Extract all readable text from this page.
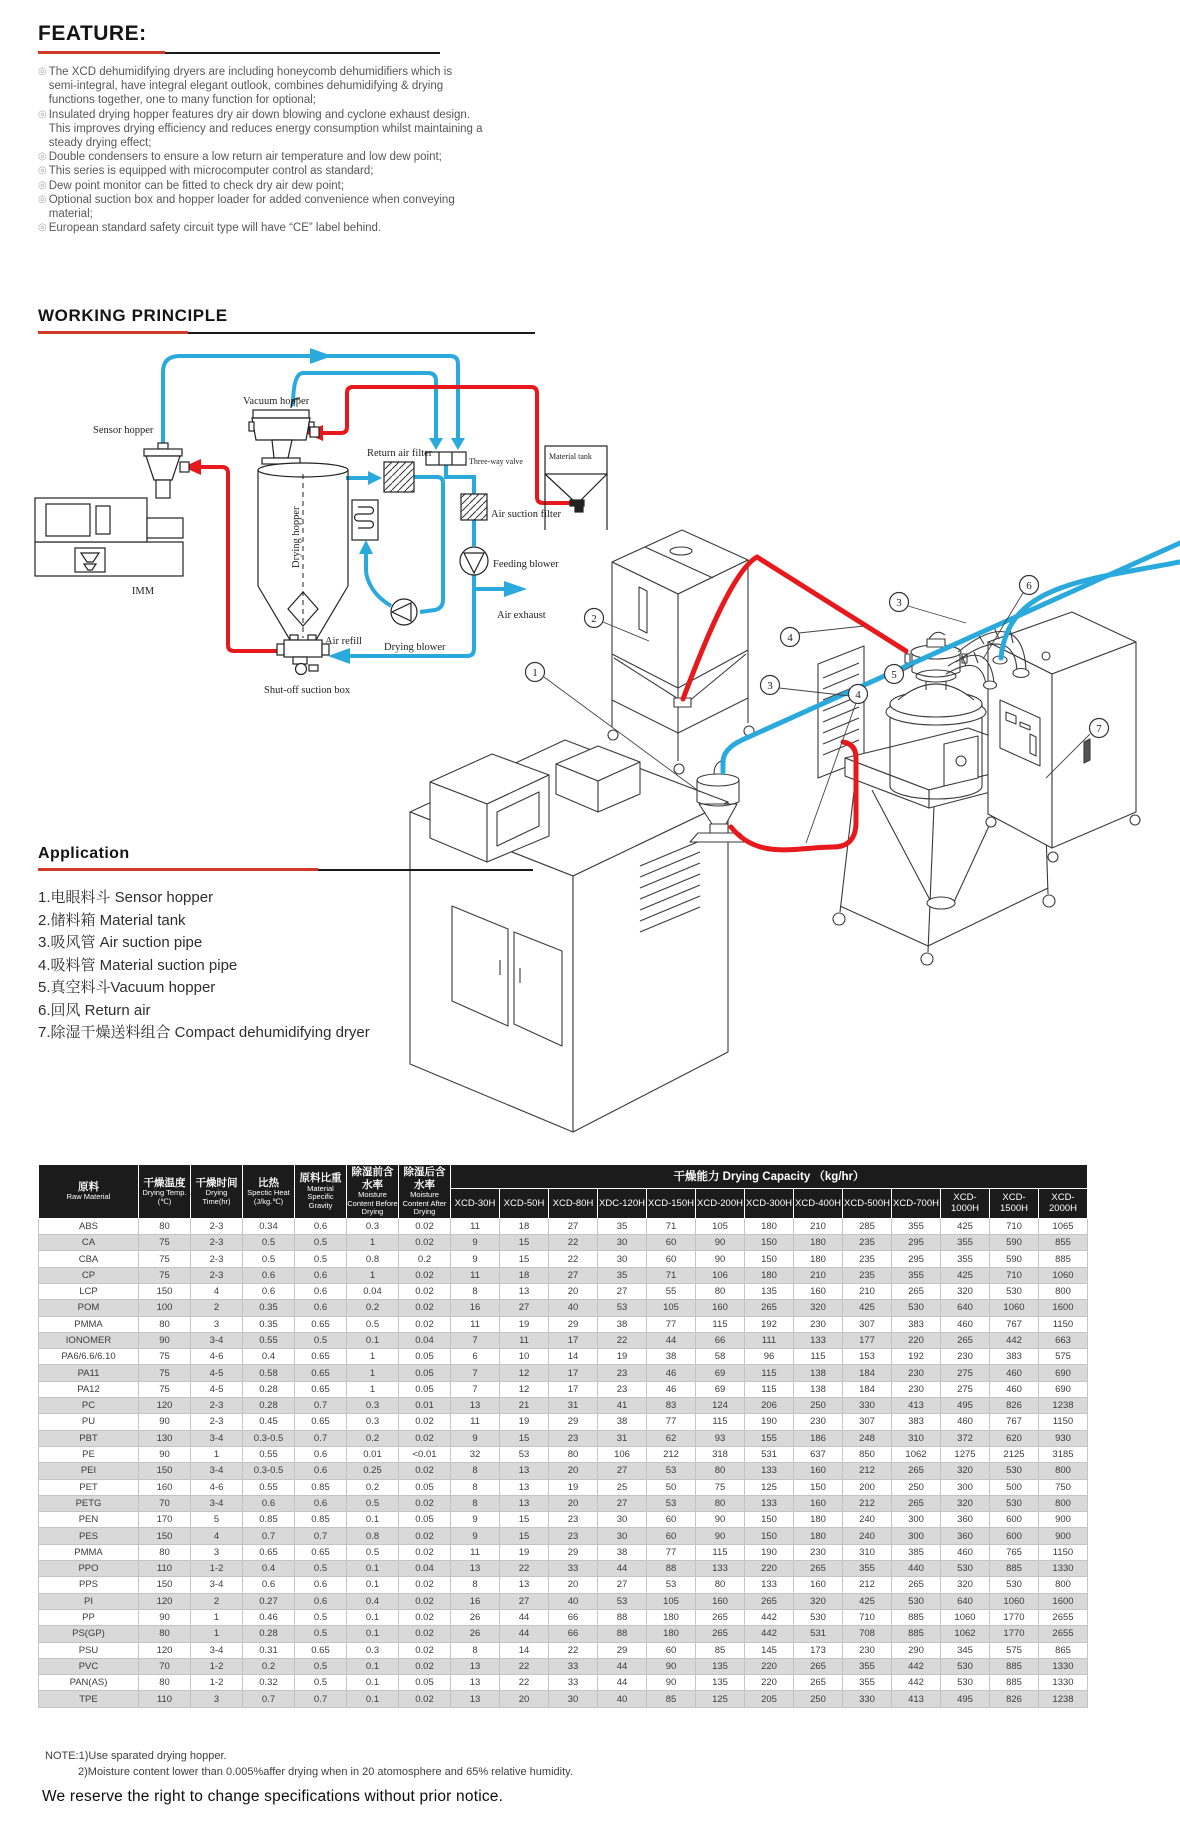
FEATURE:
◎ The XCD dehumidifying dryers are including honeycomb dehumidifiers which is semi-integral, have integral elegant outlook, combines dehumidifying & drying functions together, one to many function for optional;
◎ Insulated drying hopper features dry air down blowing and cyclone exhaust design. This improves drying efficiency and reduces energy consumption whilst maintaining a steady drying effect;
◎ Double condensers to ensure a low return air temperature and low dew point;
◎ This series is equipped with microcomputer control as standard;
◎ Dew point monitor can be fitted to check dry air dew point;
◎ Optional suction box and hopper loader for added convenience when conveying material;
◎ European standard safety circuit type will have “CE” label behind.
WORKING PRINCIPLE
Sensor hopper
Vacuum hopper
Drying hopper
IMM
Return air filter
Three-way valve
Material tank
Air suction filter
Feeding blower
Air exhaust
Drying blower
Air refill
Shut-off suction box
1
2
3
4
3
4
5
6
7
Application
1.电眼料斗 Sensor hopper
2.储料箱 Material tank
3.吸风管 Air suction pipe
4.吸料管 Material suction pipe
5.真空料斗Vacuum hopper
6.回风 Return air
7.除湿干燥送料组合 Compact dehumidifying dryer
原料
Raw Material	干燥温度
Drying Temp.(℃)	干燥时间
Drying Time(hr)	比热
Spectic Heat (J/kg.℃)	原料比重
Material Specific Gravity	除湿前含水率
Moisture Content Before Drying	除湿后含水率
Moisture Content After Drying	干燥能力 Drying Capacity （kg/hr）												
							XCD-30H	XCD-50H	XCD-80H	XDC-120H	XCD-150H	XCD-200H	XCD-300H	XCD-400H	XCD-500H	XCD-700H	XCD-1000H	XCD-1500H	XCD-2000H
ABS	80	2-3	0.34	0.6	0.3	0.02	11	18	27	35	71	105	180	210	285	355	425	710	1065
CA	75	2-3	0.5	0.5	1	0.02	9	15	22	30	60	90	150	180	235	295	355	590	855
CBA	75	2-3	0.5	0.5	0.8	0.2	9	15	22	30	60	90	150	180	235	295	355	590	885
CP	75	2-3	0.6	0.6	1	0.02	11	18	27	35	71	106	180	210	235	355	425	710	1060
LCP	150	4	0.6	0.6	0.04	0.02	8	13	20	27	55	80	135	160	210	265	320	530	800
POM	100	2	0.35	0.6	0.2	0.02	16	27	40	53	105	160	265	320	425	530	640	1060	1600
PMMA	80	3	0.35	0.65	0.5	0.02	11	19	29	38	77	115	192	230	307	383	460	767	1150
IONOMER	90	3-4	0.55	0.5	0.1	0.04	7	11	17	22	44	66	111	133	177	220	265	442	663
PA6/6.6/6.10	75	4-6	0.4	0.65	1	0.05	6	10	14	19	38	58	96	115	153	192	230	383	575
PA11	75	4-5	0.58	0.65	1	0.05	7	12	17	23	46	69	115	138	184	230	275	460	690
PA12	75	4-5	0.28	0.65	1	0.05	7	12	17	23	46	69	115	138	184	230	275	460	690
PC	120	2-3	0.28	0.7	0.3	0.01	13	21	31	41	83	124	206	250	330	413	495	826	1238
PU	90	2-3	0.45	0.65	0.3	0.02	11	19	29	38	77	115	190	230	307	383	460	767	1150
PBT	130	3-4	0.3-0.5	0.7	0.2	0.02	9	15	23	31	62	93	155	186	248	310	372	620	930
PE	90	1	0.55	0.6	0.01	<0.01	32	53	80	106	212	318	531	637	850	1062	1275	2125	3185
PEI	150	3-4	0.3-0.5	0.6	0.25	0.02	8	13	20	27	53	80	133	160	212	265	320	530	800
PET	160	4-6	0.55	0.85	0.2	0.05	8	13	19	25	50	75	125	150	200	250	300	500	750
PETG	70	3-4	0.6	0.6	0.5	0.02	8	13	20	27	53	80	133	160	212	265	320	530	800
PEN	170	5	0.85	0.85	0.1	0.05	9	15	23	30	60	90	150	180	240	300	360	600	900
PES	150	4	0.7	0.7	0.8	0.02	9	15	23	30	60	90	150	180	240	300	360	600	900
PMMA	80	3	0.65	0.65	0.5	0.02	11	19	29	38	77	115	190	230	310	385	460	765	1150
PPO	110	1-2	0.4	0.5	0.1	0.04	13	22	33	44	88	133	220	265	355	440	530	885	1330
PPS	150	3-4	0.6	0.6	0.1	0.02	8	13	20	27	53	80	133	160	212	265	320	530	800
PI	120	2	0.27	0.6	0.4	0.02	16	27	40	53	105	160	265	320	425	530	640	1060	1600
PP	90	1	0.46	0.5	0.1	0.02	26	44	66	88	180	265	442	530	710	885	1060	1770	2655
PS(GP)	80	1	0.28	0.5	0.1	0.02	26	44	66	88	180	265	442	531	708	885	1062	1770	2655
PSU	120	3-4	0.31	0.65	0.3	0.02	8	14	22	29	60	85	145	173	230	290	345	575	865
PVC	70	1-2	0.2	0.5	0.1	0.02	13	22	33	44	90	135	220	265	355	442	530	885	1330
PAN(AS)	80	1-2	0.32	0.5	0.1	0.05	13	22	33	44	90	135	220	265	355	442	530	885	1330
TPE	110	3	0.7	0.7	0.1	0.02	13	20	30	40	85	125	205	250	330	413	495	826	1238
NOTE:1)Use sparated drying hopper.
2)Moisture content lower than 0.005%affer drying when in 20 atomosphere and 65% relative humidity.
We reserve the right to change specifications without prior notice.
